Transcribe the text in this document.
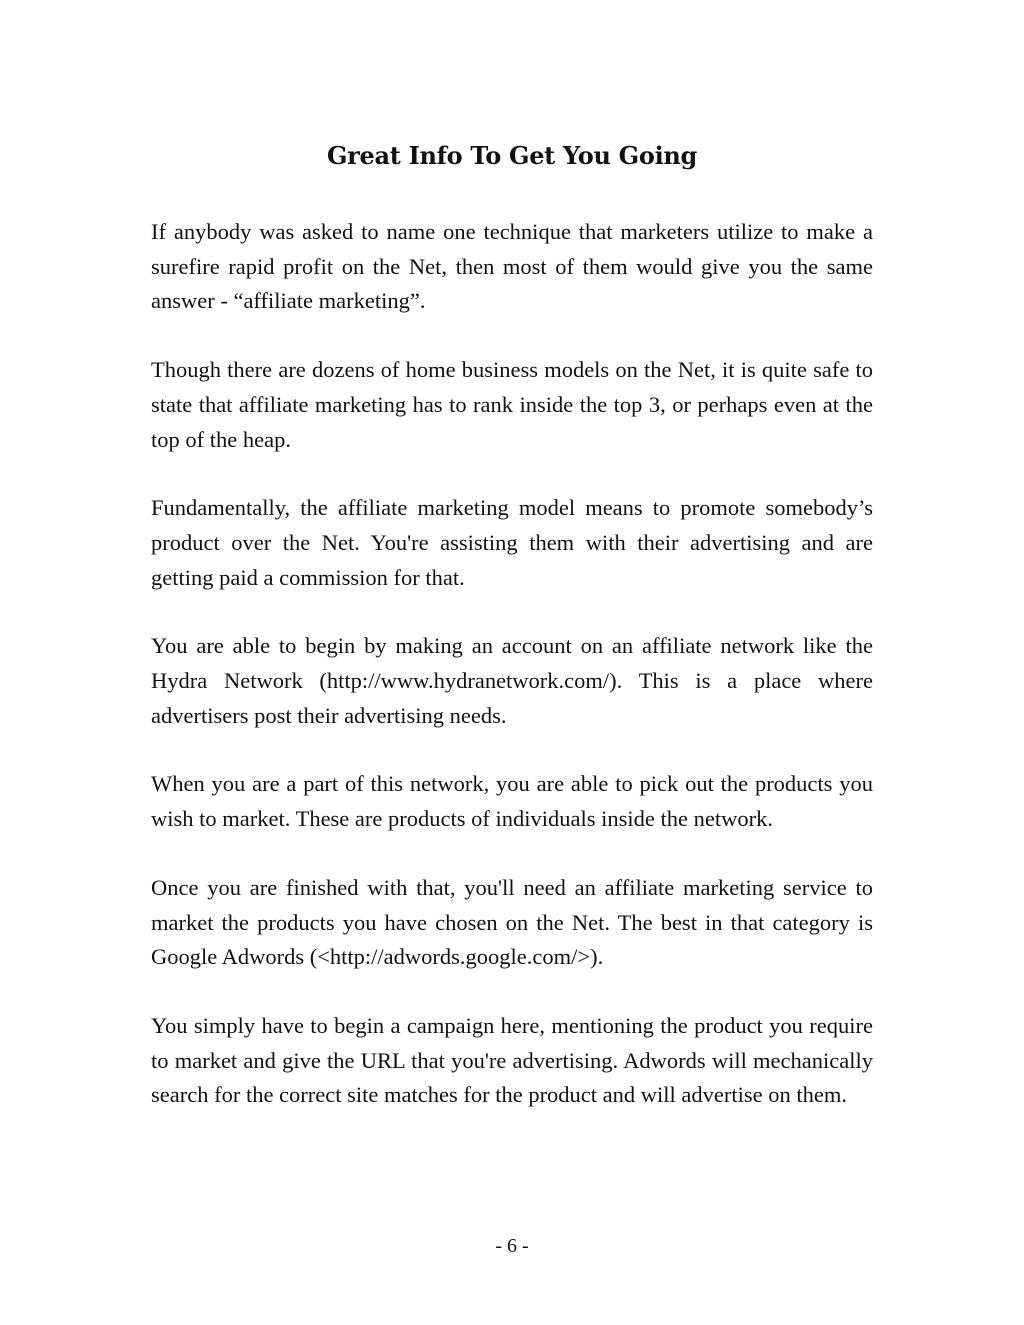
Great Info To Get You Going

If anybody was asked to name one technique that marketers utilize to make a surefire rapid profit on the Net, then most of them would give you the same answer - “affiliate marketing”.

Though there are dozens of home business models on the Net, it is quite safe to state that affiliate marketing has to rank inside the top 3, or perhaps even at the top of the heap.

Fundamentally, the affiliate marketing model means to promote somebody’s product over the Net. You're assisting them with their advertising and are getting paid a commission for that.

You are able to begin by making an account on an affiliate network like the Hydra Network (http://www.hydranetwork.com/). This is a place where advertisers post their advertising needs.

When you are a part of this network, you are able to pick out the products you wish to market. These are products of individuals inside the network.

Once you are finished with that, you'll need an affiliate marketing service to market the products you have chosen on the Net. The best in that category is Google Adwords (<http://adwords.google.com/>).

You simply have to begin a campaign here, mentioning the product you require to market and give the URL that you're advertising. Adwords will mechanically search for the correct site matches for the product and will advertise on them.

- 6 -
